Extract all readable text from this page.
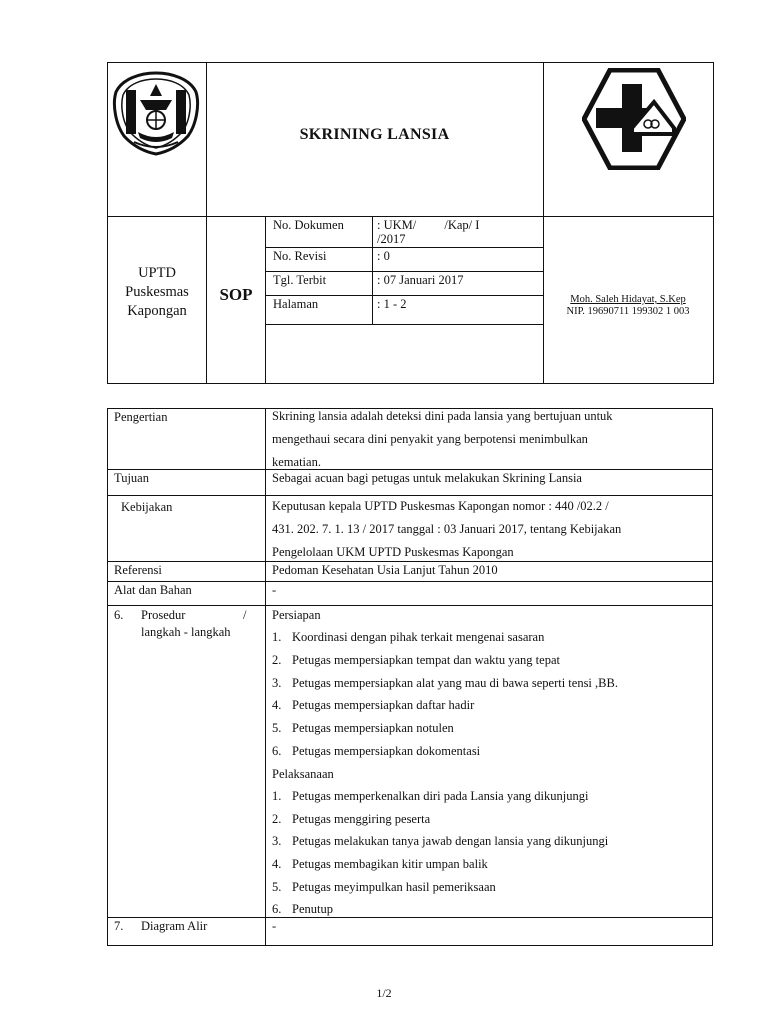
SKRINING LANSIA
UPTD
Puskesmas
Kapongan
SOP
No. Dokumen	: UKM/         /Kap/ I
/2017
No. Revisi	: 0
Tgl. Terbit	: 07 Januari 2017
Halaman	: 1 - 2	Moh. Saleh Hidayat, S.Kep
NIP. 19690711 199302 1 003
Pengertian	Skrining lansia adalah deteksi dini pada lansia yang bertujuan untuk
mengethaui secara dini penyakit yang berpotensi menimbulkan
kematian.
Tujuan	Sebagai acuan bagi petugas untuk melakukan Skrining Lansia
Kebijakan	Keputusan kepala UPTD Puskesmas Kapongan nomor : 440 /02.2 /
431. 202. 7. 1. 13 / 2017 tanggal : 03 Januari 2017, tentang Kebijakan
Pengelolaan UKM UPTD Puskesmas Kapongan
Referensi	Pedoman Kesehatan Usia Lanjut Tahun 2010
Alat dan Bahan	-
6. Prosedur	/
langkah - langkah
Persiapan
1. Koordinasi dengan pihak terkait mengenai sasaran
2. Petugas mempersiapkan tempat dan waktu yang tepat
3. Petugas mempersiapkan alat yang mau di bawa seperti tensi ,BB.
4. Petugas mempersiapkan daftar hadir
5. Petugas mempersiapkan notulen
6. Petugas mempersiapkan dokomentasi
Pelaksanaan
1. Petugas memperkenalkan diri pada Lansia yang dikunjungi
2. Petugas menggiring peserta
3. Petugas melakukan tanya jawab dengan lansia yang dikunjungi
4. Petugas membagikan kitir umpan balik
5. Petugas meyimpulkan hasil pemeriksaan
6. Penutup
7. Diagram Alir	-
1/2
